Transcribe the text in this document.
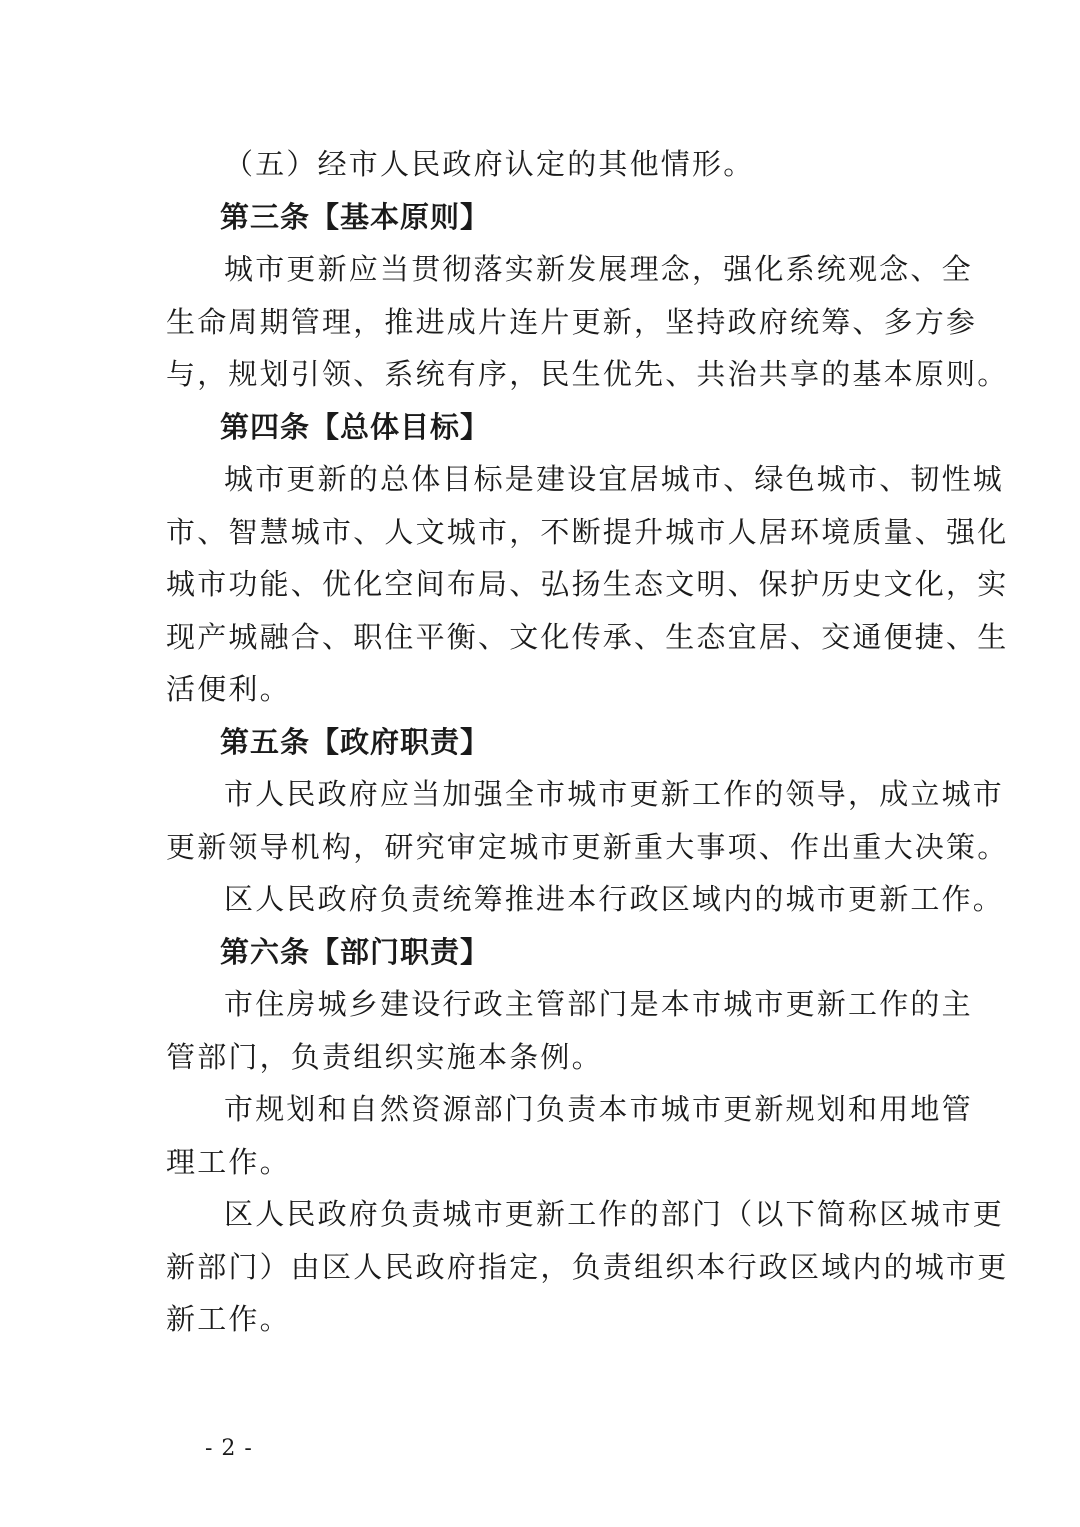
（五）经市人民政府认定的其他情形。
第三条【基本原则】
城市更新应当贯彻落实新发展理念，强化系统观念、全
生命周期管理，推进成片连片更新，坚持政府统筹、多方参
与，规划引领、系统有序，民生优先、共治共享的基本原则。
第四条【总体目标】
城市更新的总体目标是建设宜居城市、绿色城市、韧性城
市、智慧城市、人文城市，不断提升城市人居环境质量、强化
城市功能、优化空间布局、弘扬生态文明、保护历史文化，实
现产城融合、职住平衡、文化传承、生态宜居、交通便捷、生
活便利。
第五条【政府职责】
市人民政府应当加强全市城市更新工作的领导，成立城市
更新领导机构，研究审定城市更新重大事项、作出重大决策。
区人民政府负责统筹推进本行政区域内的城市更新工作。
第六条【部门职责】
市住房城乡建设行政主管部门是本市城市更新工作的主
管部门，负责组织实施本条例。
市规划和自然资源部门负责本市城市更新规划和用地管
理工作。
区人民政府负责城市更新工作的部门（以下简称区城市更
新部门）由区人民政府指定，负责组织本行政区域内的城市更
新工作。
- 2 -
